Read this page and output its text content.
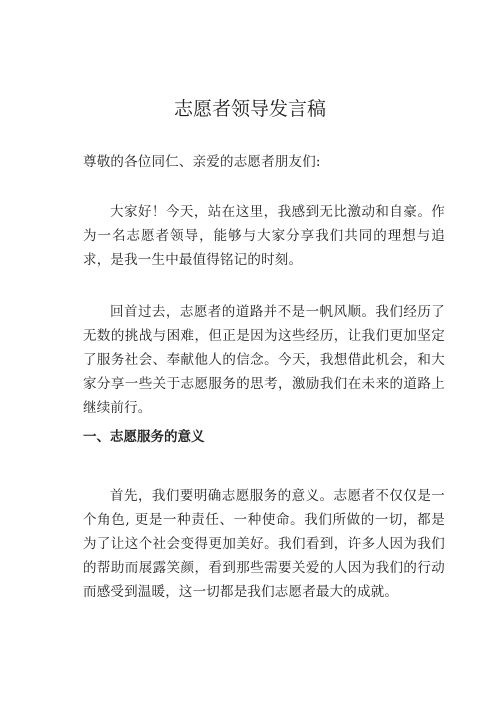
志愿者领导发言稿

尊敬的各位同仁、亲爱的志愿者朋友们:

大家好！今天，站在这里，我感到无比激动和自豪。作为一名志愿者领导，能够与大家分享我们共同的理想与追求，是我一生中最值得铭记的时刻。

回首过去，志愿者的道路并不是一帆风顺。我们经历了无数的挑战与困难，但正是因为这些经历，让我们更加坚定了服务社会、奉献他人的信念。今天，我想借此机会，和大家分享一些关于志愿服务的思考，激励我们在未来的道路上继续前行。

一、志愿服务的意义

首先，我们要明确志愿服务的意义。志愿者不仅仅是一个角色, 更是一种责任、一种使命。我们所做的一切，都是为了让这个社会变得更加美好。我们看到，许多人因为我们的帮助而展露笑颜，看到那些需要关爱的人因为我们的行动而感受到温暖，这一切都是我们志愿者最大的成就。
